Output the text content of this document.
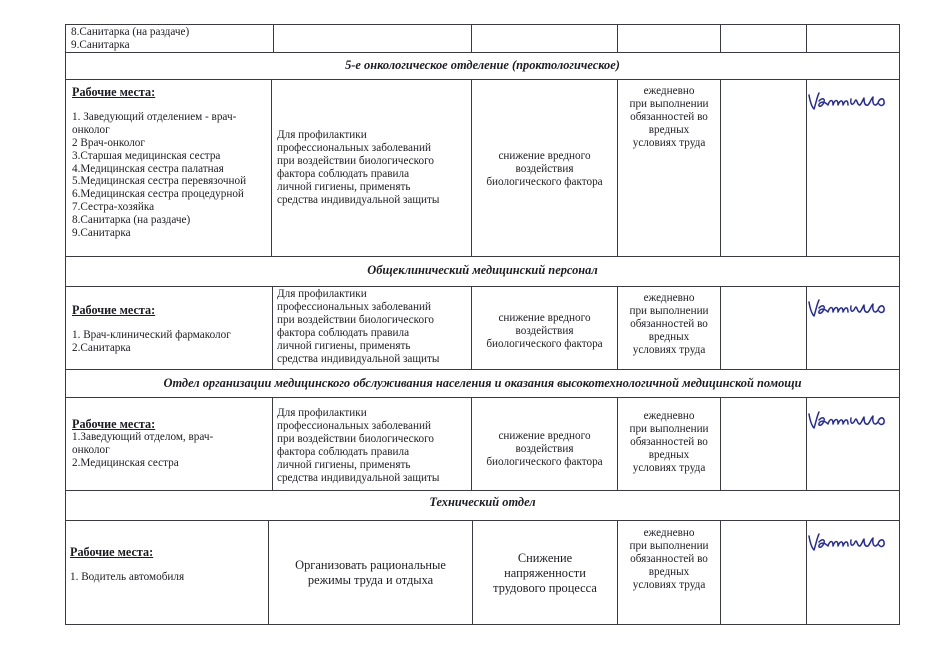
8.Санитарка (на раздаче)
9.Санитарка
5-е онкологическое отделение (проктологическое)
Рабочие места:
1. Заведующий отделением - врач-
онколог
2 Врач-онколог
3.Старшая медицинская сестра
4.Медицинская сестра палатная
5.Медицинская сестра перевязочной
6.Медицинская сестра процедурной
7.Сестра-хозяйка
8.Санитарка (на раздаче)
9.Санитарка
Для профилактики
профессиональных заболеваний
при воздействии биологического
фактора соблюдать правила
личной гигиены, применять
средства индивидуальной защиты
снижение вредного
воздействия
биологического фактора
ежедневно
при выполнении
обязанностей во
вредных
условиях труда
Общеклинический медицинский персонал
Рабочие места:
1. Врач-клинический фармаколог
2.Санитарка
Для профилактики
профессиональных заболеваний
при воздействии биологического
фактора соблюдать правила
личной гигиены, применять
средства индивидуальной защиты
снижение вредного
воздействия
биологического фактора
ежедневно
при выполнении
обязанностей во
вредных
условиях труда
Отдел организации медицинского обслуживания населения и оказания высокотехнологичной медицинской помощи
Рабочие места:
1.Заведующий отделом, врач-
онколог
2.Медицинская сестра
Для профилактики
профессиональных заболеваний
при воздействии биологического
фактора соблюдать правила
личной гигиены, применять
средства индивидуальной защиты
снижение вредного
воздействия
биологического фактора
ежедневно
при выполнении
обязанностей во
вредных
условиях труда
Технический отдел
Рабочие места:
1. Водитель автомобиля
Организовать рациональные
режимы труда и отдыха
Снижение
напряженности
трудового процесса
ежедневно
при выполнении
обязанностей во
вредных
условиях труда
